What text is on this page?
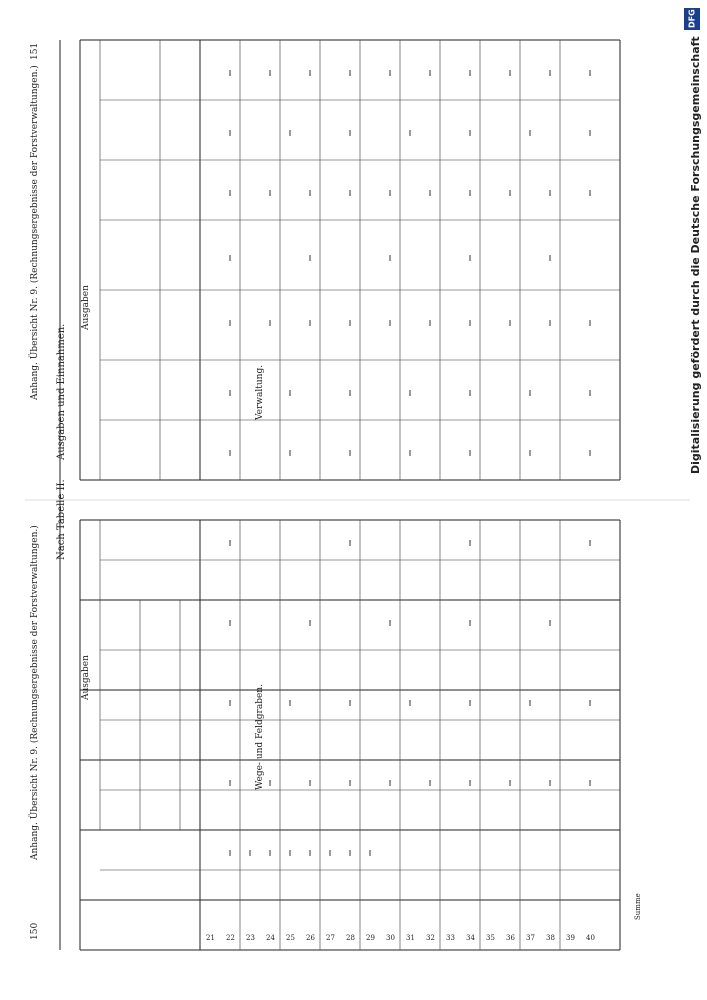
150
Anhang. Übersicht Nr. 9. (Rechnungsergebnisse der Forstverwaltungen.)
Nach Tabelle II.
Ausgaben
Wege- und Feldgraben.
21 22 23 24 25 26 27 28 29 30 31 32 33 34 35 36 37 38 39 40
Summe
151
Anhang. Übersicht Nr. 9. (Rechnungsergebnisse der Forstverwaltungen.) Ausgaben und Einnahmen.
Ausgaben
Verwaltung.
DFG
Digitalisierung gefördert durch die Deutsche Forschungsgemeinschaft
